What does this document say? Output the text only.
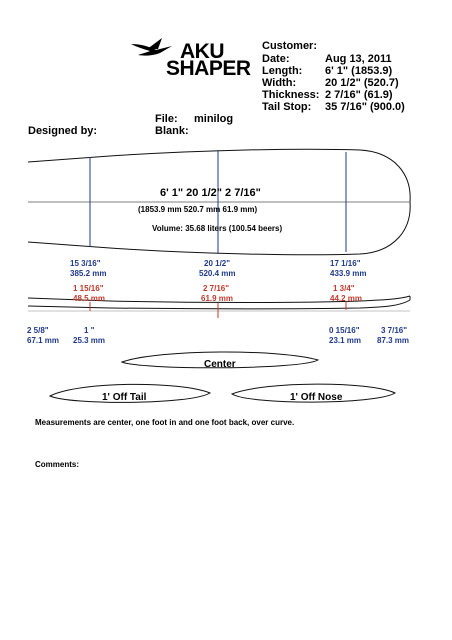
AKU
SHAPER
Customer:
Date:	Aug 13, 2011
Length: 6' 1" (1853.9)
Width:	20 1/2" (520.7)
Thickness: 2 7/16" (61.9)
Tail Stop: 35 7/16" (900.0)
File: minilog
Blank:
Designed by:
6' 1" 20 1/2" 2 7/16"
(1853.9 mm 520.7 mm 61.9 mm)
Volume: 35.68 liters (100.54 beers)
15 3/16"
385.2 mm
20 1/2"
520.4 mm
17 1/16"
433.9 mm
1 15/16"
48.5 mm
2 7/16"
61.9 mm
1 3/4"
44.2 mm
2 5/8"
67.1 mm
1 "
25.3 mm
0 15/16"
23.1 mm
3 7/16"
87.3 mm
Center
1' Off Tail	1' Off Nose
Measurements are center, one foot in and one foot back, over curve.
Comments:
